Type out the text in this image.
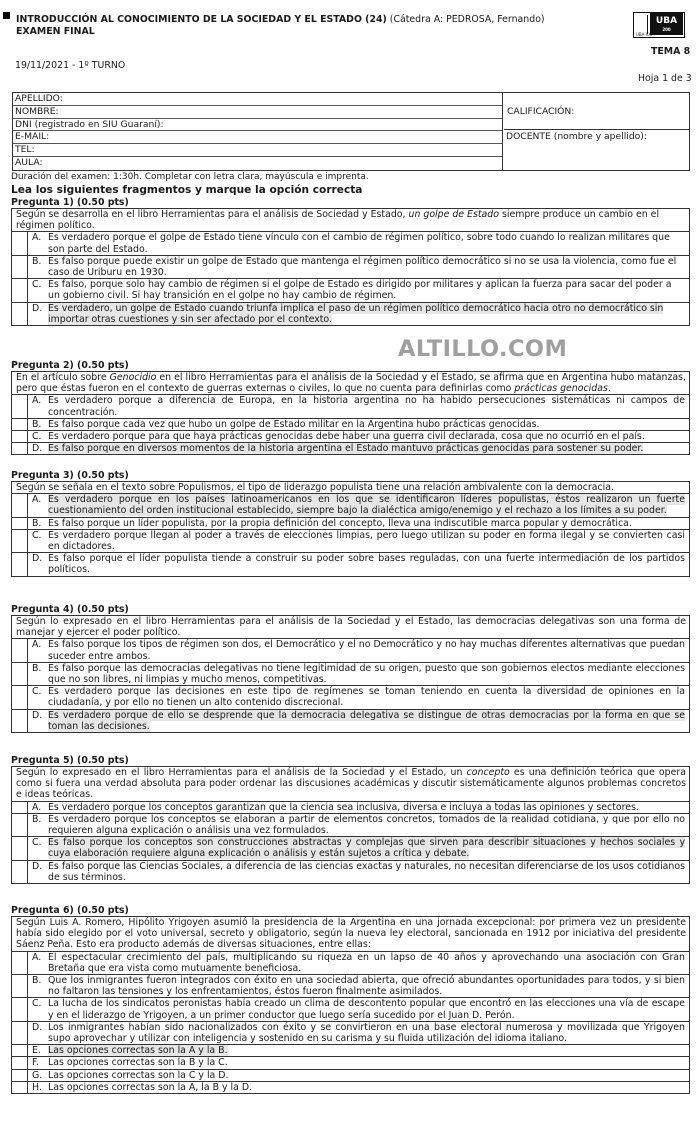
INTRODUCCIÓN AL CONOCIMIENTO DE LA SOCIEDAD Y EL ESTADO (24) (Cátedra A: PEDROSA, Fernando)
EXAMEN FINAL
UBA
200
UBA·XXI
TEMA 8
19/11/2021 - 1º TURNO
Hoja 1 de 3
APELLIDO:
NOMBRE:
DNI (registrado en SIU Guaraní):
E-MAIL:
TEL:
AULA:
CALIFICACIÓN:
DOCENTE (nombre y apellido):
Duración del examen: 1:30h. Completar con letra clara, mayúscula e imprenta.
Lea los siguientes fragmentos y marque la opción correcta
Pregunta 1) (0.50 pts)
Según se desarrolla en el libro Herramientas para el análisis de Sociedad y Estado, un golpe de Estado siempre produce un cambio en el régimen político.
A. Es verdadero porque el golpe de Estado tiene vínculo con el cambio de régimen político, sobre todo cuando lo realizan militares que son parte del Estado.
B. Es falso porque puede existir un golpe de Estado que mantenga el régimen político democrático si no se usa la violencia, como fue el caso de Uriburu en 1930.
C. Es falso, porque solo hay cambio de régimen si el golpe de Estado es dirigido por militares y aplican la fuerza para sacar del poder a un gobierno civil. Si hay transición en el golpe no hay cambio de régimen.
D. Es verdadero, un golpe de Estado cuando triunfa implica el paso de un régimen político democrático hacia otro no democrático sin importar otras cuestiones y sin ser afectado por el contexto.
ALTILLO.COM
Pregunta 2) (0.50 pts)
En el artículo sobre Genocidio en el libro Herramientas para el análisis de la Sociedad y el Estado, se afirma que en Argentina hubo matanzas, pero que éstas fueron en el contexto de guerras externas o civiles, lo que no cuenta para definirlas como prácticas genocidas.
A. Es verdadero porque a diferencia de Europa, en la historia argentina no ha habido persecuciones sistemáticas ni campos de concentración.
B. Es falso porque cada vez que hubo un golpe de Estado militar en la Argentina hubo prácticas genocidas.
C. Es verdadero porque para que haya prácticas genocidas debe haber una guerra civil declarada, cosa que no ocurrió en el país.
D. Es falso porque en diversos momentos de la historia argentina el Estado mantuvo prácticas genocidas para sostener su poder.
Pregunta 3) (0.50 pts)
Según se señala en el texto sobre Populismos, el tipo de liderazgo populista tiene una relación ambivalente con la democracia.
A. Es verdadero porque en los países latinoamericanos en los que se identificaron líderes populistas, éstos realizaron un fuerte cuestionamiento del orden institucional establecido, siempre bajo la dialéctica amigo/enemigo y el rechazo a los límites a su poder.
B. Es falso porque un líder populista, por la propia definición del concepto, lleva una indiscutible marca popular y democrática.
C. Es verdadero porque llegan al poder a través de elecciones limpias, pero luego utilizan su poder en forma ilegal y se convierten casi en dictadores.
D. Es falso porque el líder populista tiende a construir su poder sobre bases reguladas, con una fuerte intermediación de los partidos políticos.
Pregunta 4) (0.50 pts)
Según lo expresado en el libro Herramientas para el análisis de la Sociedad y el Estado, las democracias delegativas son una forma de manejar y ejercer el poder político.
A. Es falso porque los tipos de régimen son dos, el Democrático y el no Democrático y no hay muchas diferentes alternativas que puedan suceder entre ambos.
B. Es falso porque las democracias delegativas no tiene legitimidad de su origen, puesto que son gobiernos electos mediante elecciones que no son libres, ni limpias y mucho menos, competitivas.
C. Es verdadero porque las decisiones en este tipo de regímenes se toman teniendo en cuenta la diversidad de opiniones en la ciudadanía, y por ello no tienen un alto contenido discrecional.
D. Es verdadero porque de ello se desprende que la democracia delegativa se distingue de otras democracias por la forma en que se toman las decisiones.
Pregunta 5) (0.50 pts)
Según lo expresado en el libro Herramientas para el análisis de la Sociedad y el Estado, un concepto es una definición teórica que opera como si fuera una verdad absoluta para poder ordenar las discusiones académicas y discutir sistemáticamente algunos problemas concretos e ideas teóricas.
A. Es verdadero porque los conceptos garantizan que la ciencia sea inclusiva, diversa e incluya a todas las opiniones y sectores.
B. Es verdadero porque los conceptos se elaboran a partir de elementos concretos, tomados de la realidad cotidiana, y que por ello no requieren alguna explicación o análisis una vez formulados.
C. Es falso porque los conceptos son construcciones abstractas y complejas que sirven para describir situaciones y hechos sociales y cuya elaboración requiere alguna explicación o análisis y están sujetos a crítica y debate.
D. Es falso porque las Ciencias Sociales, a diferencia de las ciencias exactas y naturales, no necesitan diferenciarse de los usos cotidianos de sus términos.
Pregunta 6) (0.50 pts)
Según Luis A. Romero, Hipólito Yrigoyen asumió la presidencia de la Argentina en una jornada excepcional: por primera vez un presidente había sido elegido por el voto universal, secreto y obligatorio, según la nueva ley electoral, sancionada en 1912 por iniciativa del presidente Sáenz Peña. Esto era producto además de diversas situaciones, entre ellas:
A. El espectacular crecimiento del país, multiplicando su riqueza en un lapso de 40 años y aprovechando una asociación con Gran Bretaña que era vista como mutuamente beneficiosa.
B. Que los inmigrantes fueron integrados con éxito en una sociedad abierta, que ofreció abundantes oportunidades para todos, y si bien no faltaron las tensiones y los enfrentamientos, éstos fueron finalmente asimilados.
C. La lucha de los sindicatos peronistas había creado un clima de descontento popular que encontró en las elecciones una vía de escape y en el liderazgo de Yrigoyen, a un primer conductor que luego sería sucedido por el Juan D. Perón.
D. Los inmigrantes habían sido nacionalizados con éxito y se convirtieron en una base electoral numerosa y movilizada que Yrigoyen supo aprovechar y utilizar con inteligencia y sostenido en su carisma y su fluida utilización del idioma italiano.
E. Las opciones correctas son la A y la B.
F. Las opciones correctas son la B y la C.
G. Las opciones correctas son la C y la D.
H. Las opciones correctas son la A, la B y la D.
